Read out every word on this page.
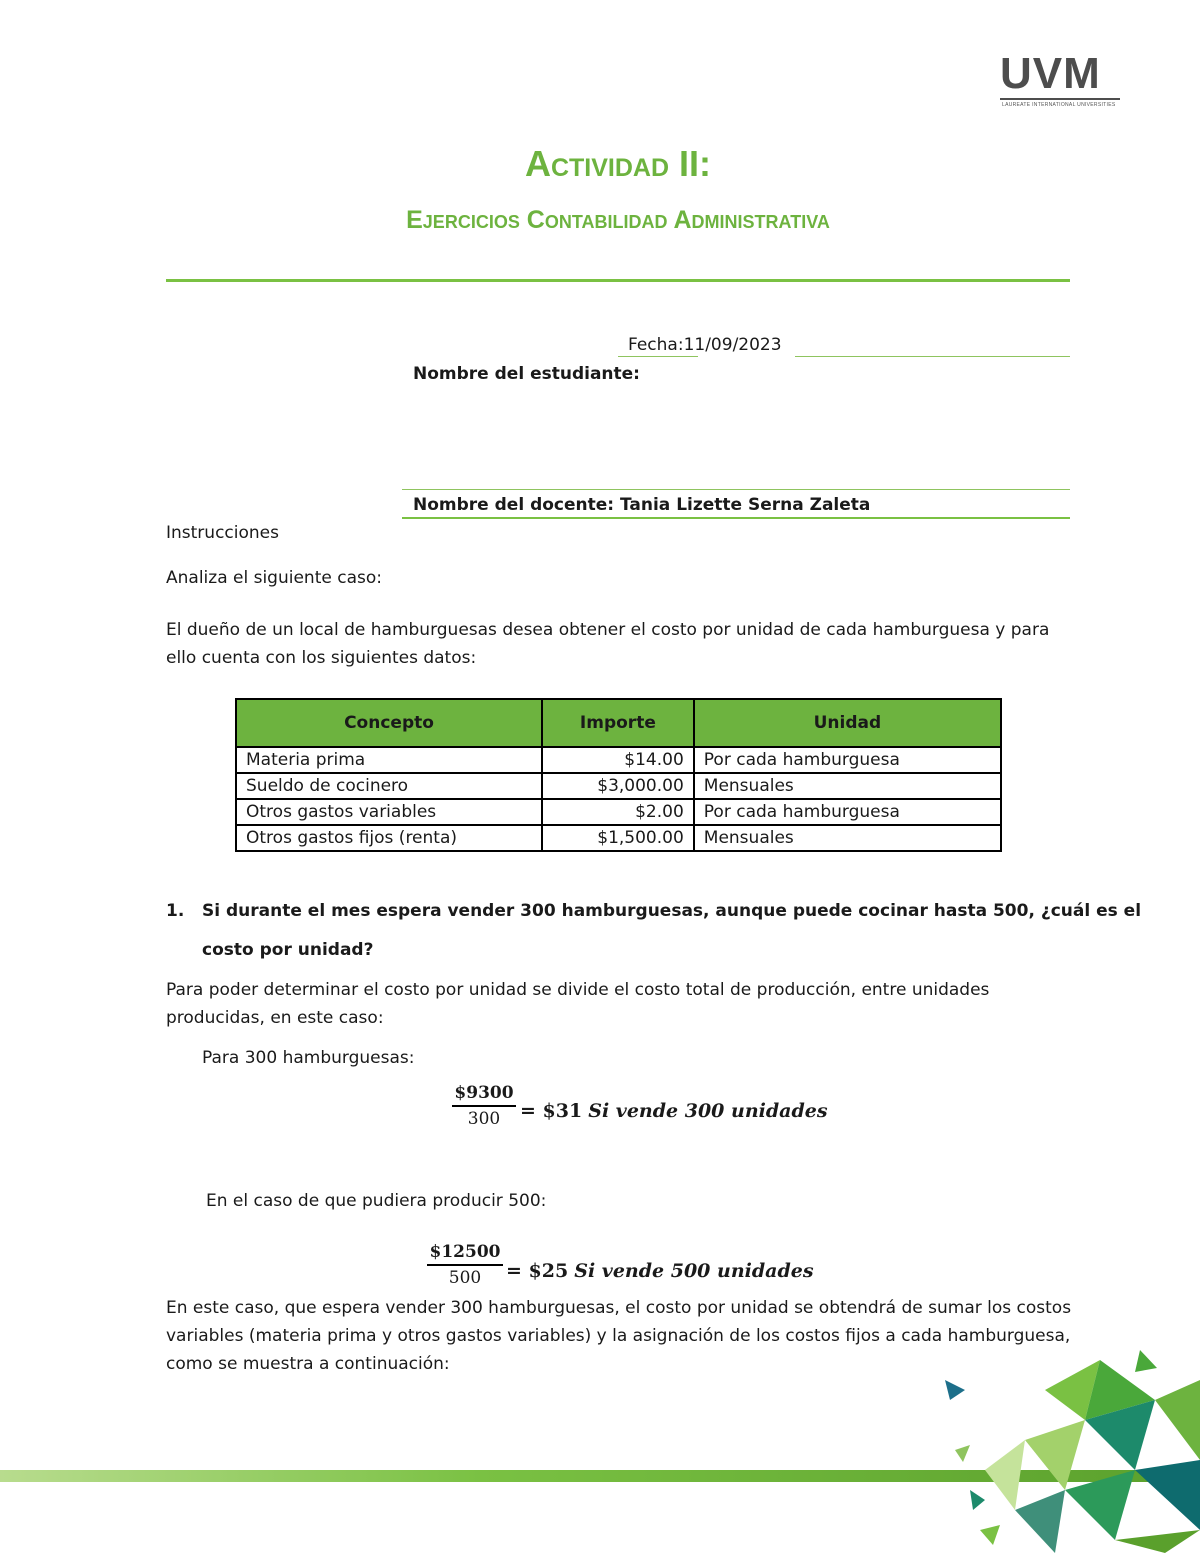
UVM
LAUREATE INTERNATIONAL UNIVERSITIES
Actividad II:
Ejercicios Contabilidad Administrativa
Fecha:11/09/2023
Nombre del estudiante:
Nombre del docente: Tania Lizette Serna Zaleta
Instrucciones
Analiza el siguiente caso:
El dueño de un local de hamburguesas desea obtener el costo por unidad de cada hamburguesa y para
ello cuenta con los siguientes datos:
Concepto	Importe	Unidad
Materia prima	$14.00	Por cada hamburguesa
Sueldo de cocinero	$3,000.00	Mensuales
Otros gastos variables	$2.00	Por cada hamburguesa
Otros gastos fijos (renta)	$1,500.00	Mensuales
1. Si durante el mes espera vender 300 hamburguesas, aunque puede cocinar hasta 500, ¿cuál es el
costo por unidad?
Para poder determinar el costo por unidad se divide el costo total de producción, entre unidades
producidas, en este caso:
Para 300 hamburguesas:
$9300
300	= $31 Si vende 300 unidades
En el caso de que pudiera producir 500:
$12500
500	= $25 Si vende 500 unidades
En este caso, que espera vender 300 hamburguesas, el costo por unidad se obtendrá de sumar los costos
variables (materia prima y otros gastos variables) y la asignación de los costos fijos a cada hamburguesa,
como se muestra a continuación:
